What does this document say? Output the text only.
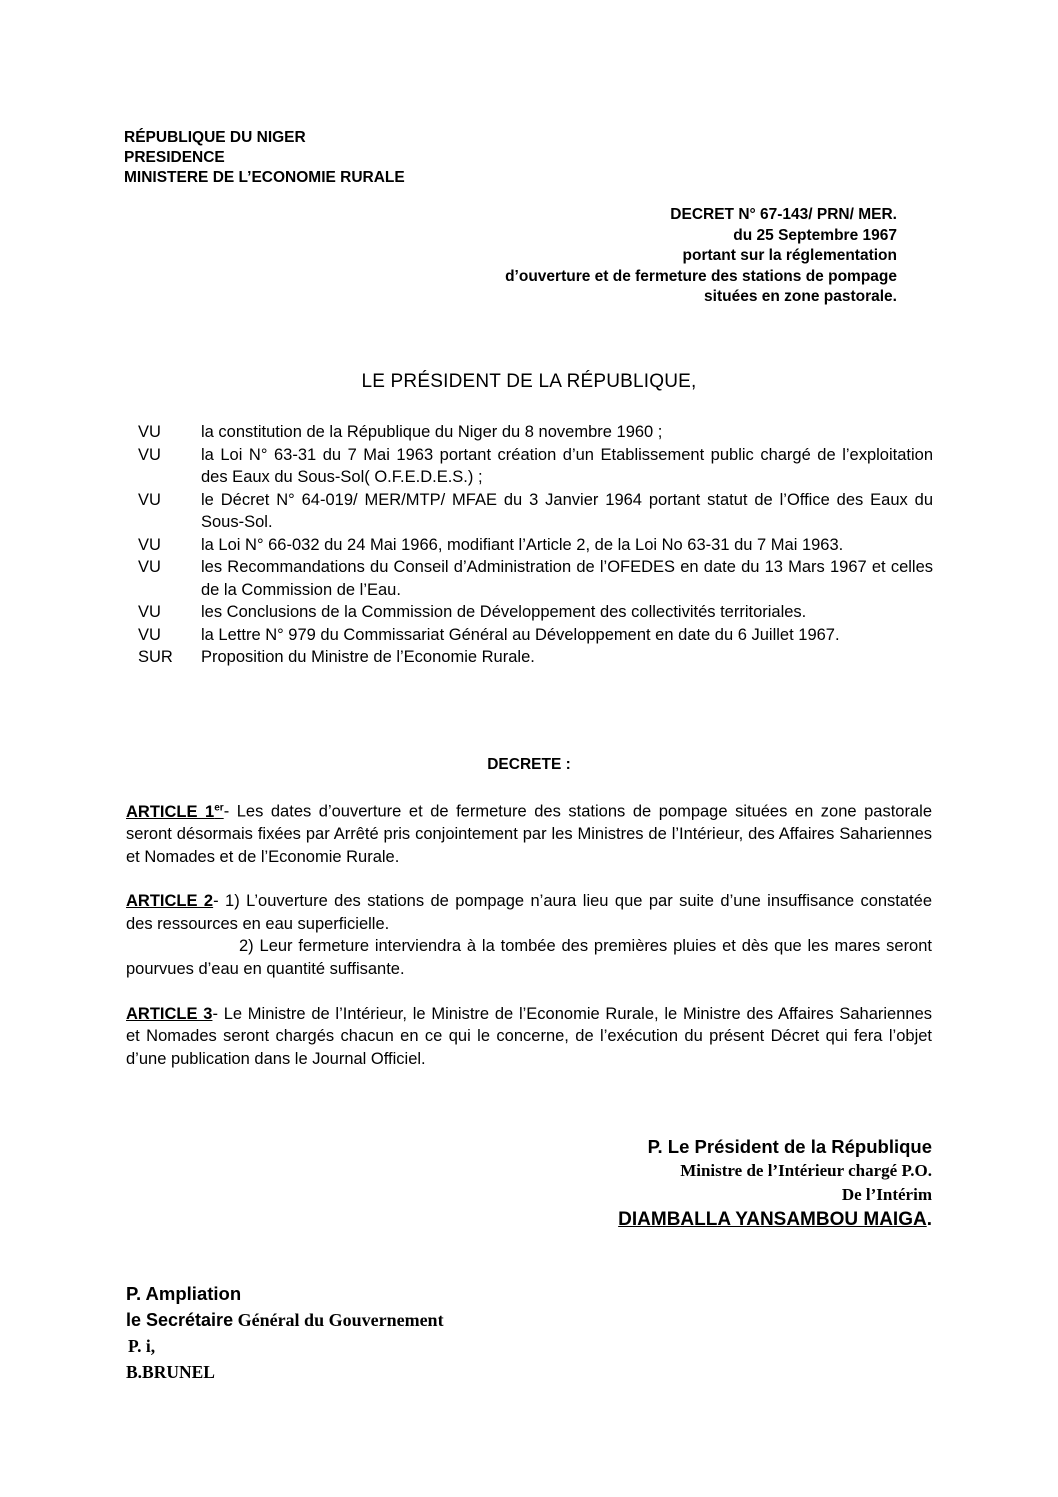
RÉPUBLIQUE DU NIGER
PRESIDENCE
MINISTERE DE L’ECONOMIE RURALE
DECRET N° 67-143/ PRN/ MER.
du 25 Septembre 1967
portant sur la réglementation
d’ouverture et de fermeture des stations de pompage
situées en zone pastorale.
LE PRÉSIDENT DE LA RÉPUBLIQUE,
VU	la constitution de la République du Niger du 8 novembre 1960 ;
VU	la Loi N° 63-31 du 7 Mai 1963 portant création d’un Etablissement public chargé de l’exploitation des Eaux du Sous-Sol( O.F.E.D.E.S.) ;
VU	le Décret N° 64-019/ MER/MTP/ MFAE du 3 Janvier 1964 portant statut de l’Office des Eaux du Sous-Sol.
VU	la Loi N° 66-032 du 24 Mai 1966, modifiant l’Article 2, de la Loi No 63-31 du 7 Mai 1963.
VU	les Recommandations du Conseil d’Administration de l’OFEDES en date du 13 Mars 1967 et celles de la Commission de l’Eau.
VU	les Conclusions de la Commission de Développement des collectivités territoriales.
VU	la Lettre N° 979 du Commissariat Général au Développement en date du 6 Juillet 1967.
SUR	Proposition du Ministre de l’Economie Rurale.
DECRETE :
ARTICLE 1er- Les dates d’ouverture et de fermeture des stations de pompage situées en zone pastorale seront désormais fixées par Arrêté pris conjointement par les Ministres de l’Intérieur, des Affaires Sahariennes et Nomades et de l’Economie Rurale.
ARTICLE 2- 1) L’ouverture des stations de pompage n’aura lieu que par suite d’une insuffisance constatée des ressources en eau superficielle.
2) Leur fermeture interviendra à la tombée des premières pluies et dès que les mares seront pourvues d’eau en quantité suffisante.
ARTICLE 3- Le Ministre de l’Intérieur, le Ministre de l’Economie Rurale, le Ministre des Affaires Sahariennes et Nomades seront chargés chacun en ce qui le concerne, de l’exécution du présent Décret qui fera l’objet d’une publication dans le Journal Officiel.
P. Le Président de la République
Ministre de l’Intérieur chargé P.O.
De l’Intérim
DIAMBALLA YANSAMBOU MAIGA.
P. Ampliation
le Secrétaire Général du Gouvernement
P. i,
B.BRUNEL
